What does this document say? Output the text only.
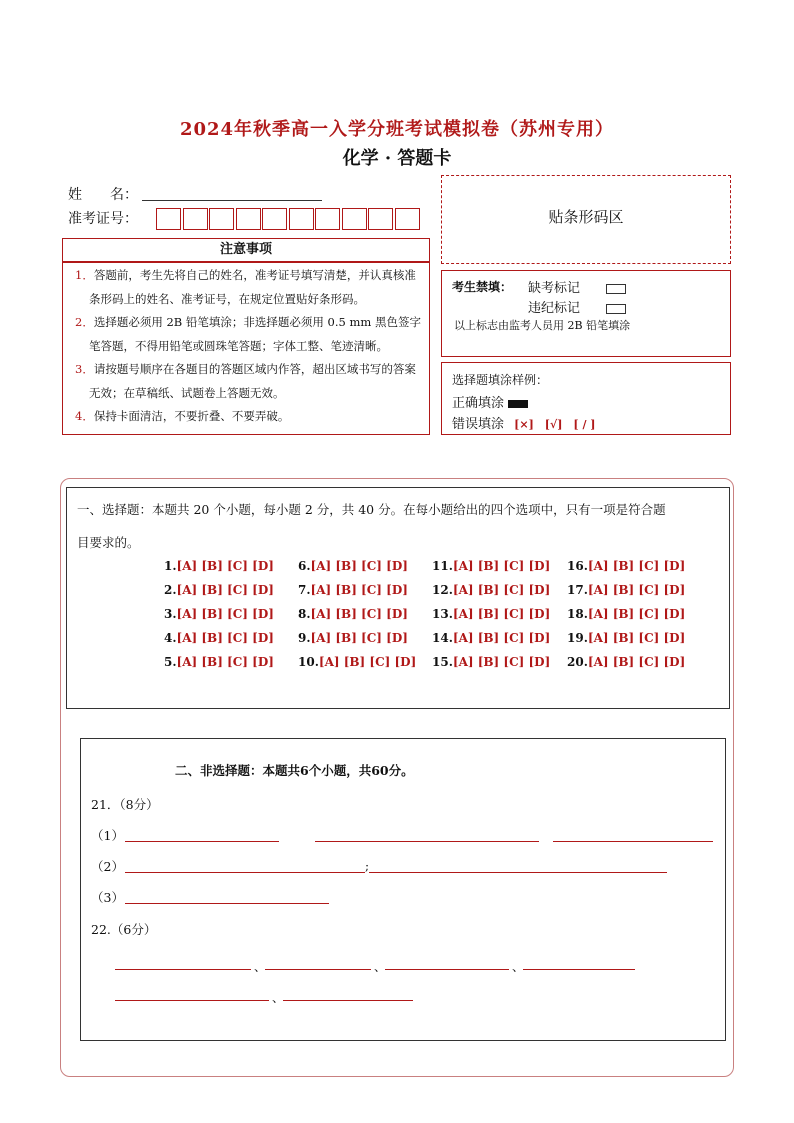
2024年秋季高一入学分班考试模拟卷（苏州专用）
化学 · 答题卡
姓　　名：
准考证号：	贴条形码区
注意事项

1．答题前，考生先将自己的姓名，准考证号填写清楚，并认真核准条形码上的姓名、准考证号，在规定位置贴好条形码。

2．选择题必须用 2B 铅笔填涂；非选择题必须用 0.5 mm 黑色签字笔答题，不得用铅笔或圆珠笔答题；字体工整、笔迹清晰。

3．请按题号顺序在各题目的答题区域内作答，超出区域书写的答案无效；在草稿纸、试题卷上答题无效。

4．保持卡面清洁，不要折叠、不要弄破。

考生禁填： 缺考标记
违纪标记
以上标志由监考人员用 2B 铅笔填涂
选择题填涂样例：
正确填涂
错误填涂 [×]　[√]　[ / ]
一、选择题：本题共 20 个小题，每小题 2 分，共 40 分。在每小题给出的四个选项中，只有一项是符合题
目要求的。
1.[A] [B] [C] [D]
2.[A] [B] [C] [D]
3.[A] [B] [C] [D]
4.[A] [B] [C] [D]
5.[A] [B] [C] [D]
6.[A] [B] [C] [D]
7.[A] [B] [C] [D]
8.[A] [B] [C] [D]
9.[A] [B] [C] [D]
10.[A] [B] [C] [D]
11.[A] [B] [C] [D]
12.[A] [B] [C] [D]
13.[A] [B] [C] [D]
14.[A] [B] [C] [D]
15.[A] [B] [C] [D]
16.[A] [B] [C] [D]
17.[A] [B] [C] [D]
18.[A] [B] [C] [D]
19.[A] [B] [C] [D]
20.[A] [B] [C] [D]
二、非选择题：本题共6个小题，共60分。
21．（8分）
（1）
（2）	;
（3）
22.（6分）
、	、	、
、
